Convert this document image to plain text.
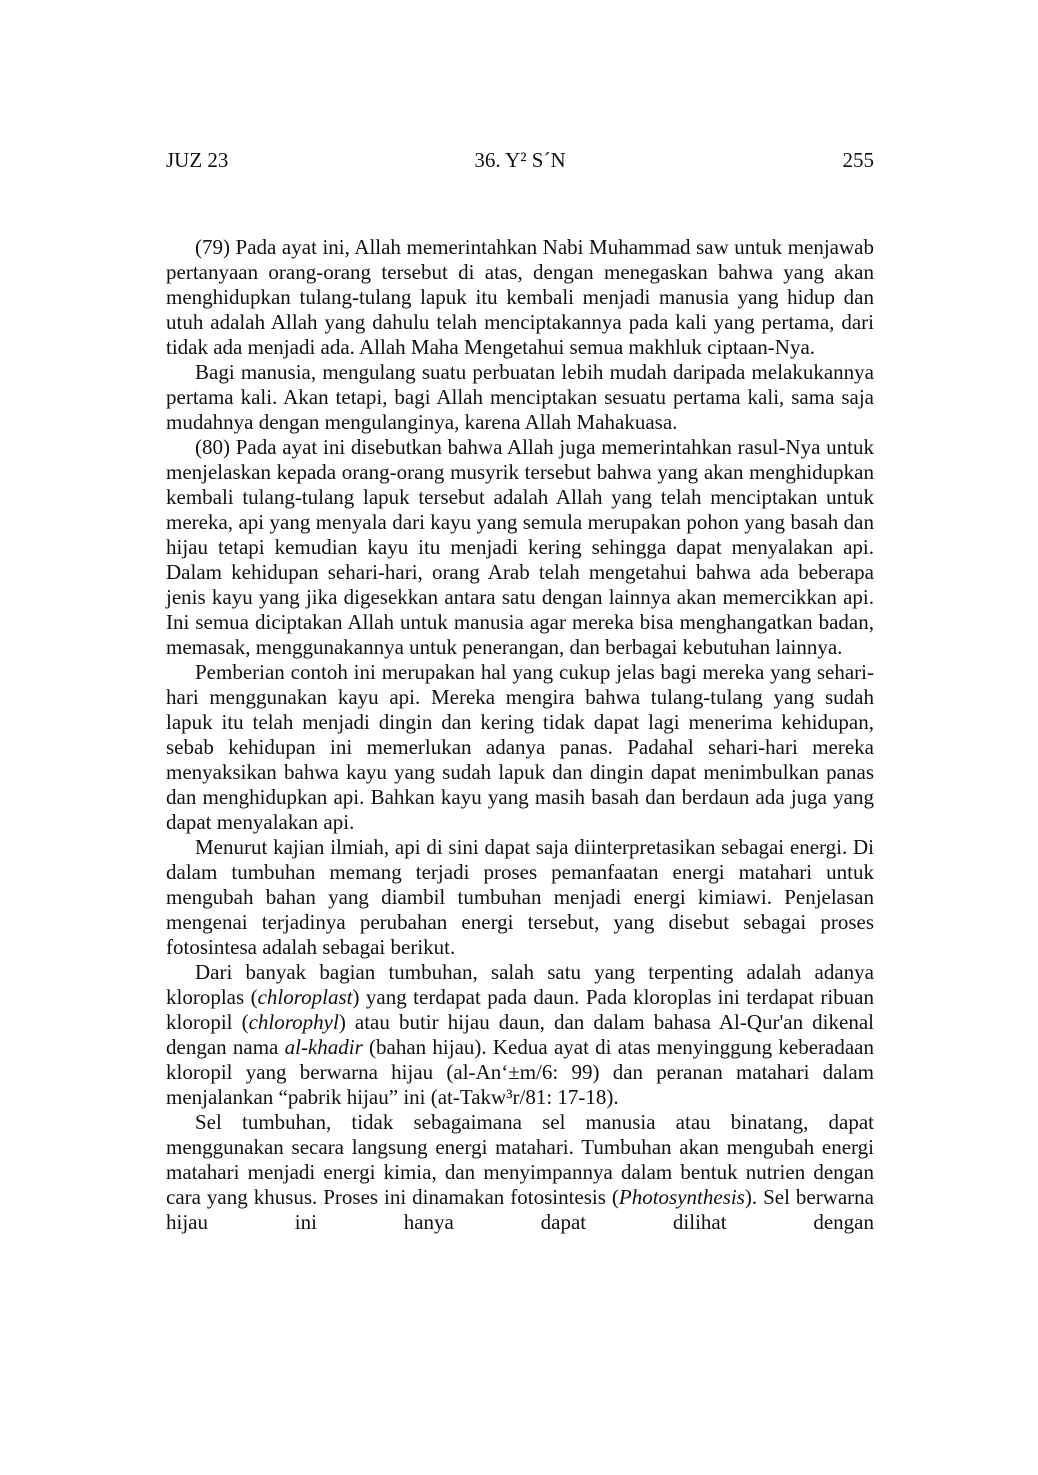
JUZ 23	36. Y² S´N	255

(79) Pada ayat ini, Allah memerintahkan Nabi Muhammad saw untuk menjawab pertanyaan orang-orang tersebut di atas, dengan menegaskan bahwa yang akan menghidupkan tulang-tulang lapuk itu kembali menjadi manusia yang hidup dan utuh adalah Allah yang dahulu telah menciptakannya pada kali yang pertama, dari tidak ada menjadi ada. Allah Maha Mengetahui semua makhluk ciptaan-Nya.

Bagi manusia, mengulang suatu perbuatan lebih mudah daripada melakukannya pertama kali. Akan tetapi, bagi Allah menciptakan sesuatu pertama kali, sama saja mudahnya dengan mengulanginya, karena Allah Mahakuasa.

(80) Pada ayat ini disebutkan bahwa Allah juga memerintahkan rasul-Nya untuk menjelaskan kepada orang-orang musyrik tersebut bahwa yang akan menghidupkan kembali tulang-tulang lapuk tersebut adalah Allah yang telah menciptakan untuk mereka, api yang menyala dari kayu yang semula merupakan pohon yang basah dan hijau tetapi kemudian kayu itu menjadi kering sehingga dapat menyalakan api. Dalam kehidupan sehari-hari, orang Arab telah mengetahui bahwa ada beberapa jenis kayu yang jika digesekkan antara satu dengan lainnya akan memercikkan api. Ini semua diciptakan Allah untuk manusia agar mereka bisa menghangatkan badan, memasak, menggunakannya untuk penerangan, dan berbagai kebutuhan lainnya.

Pemberian contoh ini merupakan hal yang cukup jelas bagi mereka yang sehari-hari menggunakan kayu api. Mereka mengira bahwa tulang-tulang yang sudah lapuk itu telah menjadi dingin dan kering tidak dapat lagi menerima kehidupan, sebab kehidupan ini memerlukan adanya panas. Padahal sehari-hari mereka menyaksikan bahwa kayu yang sudah lapuk dan dingin dapat menimbulkan panas dan menghidupkan api. Bahkan kayu yang masih basah dan berdaun ada juga yang dapat menyalakan api.

Menurut kajian ilmiah, api di sini dapat saja diinterpretasikan sebagai energi. Di dalam tumbuhan memang terjadi proses pemanfaatan energi matahari untuk mengubah bahan yang diambil tumbuhan menjadi energi kimiawi. Penjelasan mengenai terjadinya perubahan energi tersebut, yang disebut sebagai proses fotosintesa adalah sebagai berikut.

Dari banyak bagian tumbuhan, salah satu yang terpenting adalah adanya kloroplas (chloroplast) yang terdapat pada daun. Pada kloroplas ini terdapat ribuan kloropil (chlorophyl) atau butir hijau daun, dan dalam bahasa Al-Qur'an dikenal dengan nama al-khadir (bahan hijau). Kedua ayat di atas menyinggung keberadaan kloropil yang berwarna hijau (al-An‘±m/6: 99) dan peranan matahari dalam menjalankan “pabrik hijau” ini (at-Takw³r/81: 17-18).

Sel tumbuhan, tidak sebagaimana sel manusia atau binatang, dapat menggunakan secara langsung energi matahari. Tumbuhan akan mengubah energi matahari menjadi energi kimia, dan menyimpannya dalam bentuk nutrien dengan cara yang khusus. Proses ini dinamakan fotosintesis (Photosynthesis). Sel berwarna hijau ini hanya dapat dilihat dengan
